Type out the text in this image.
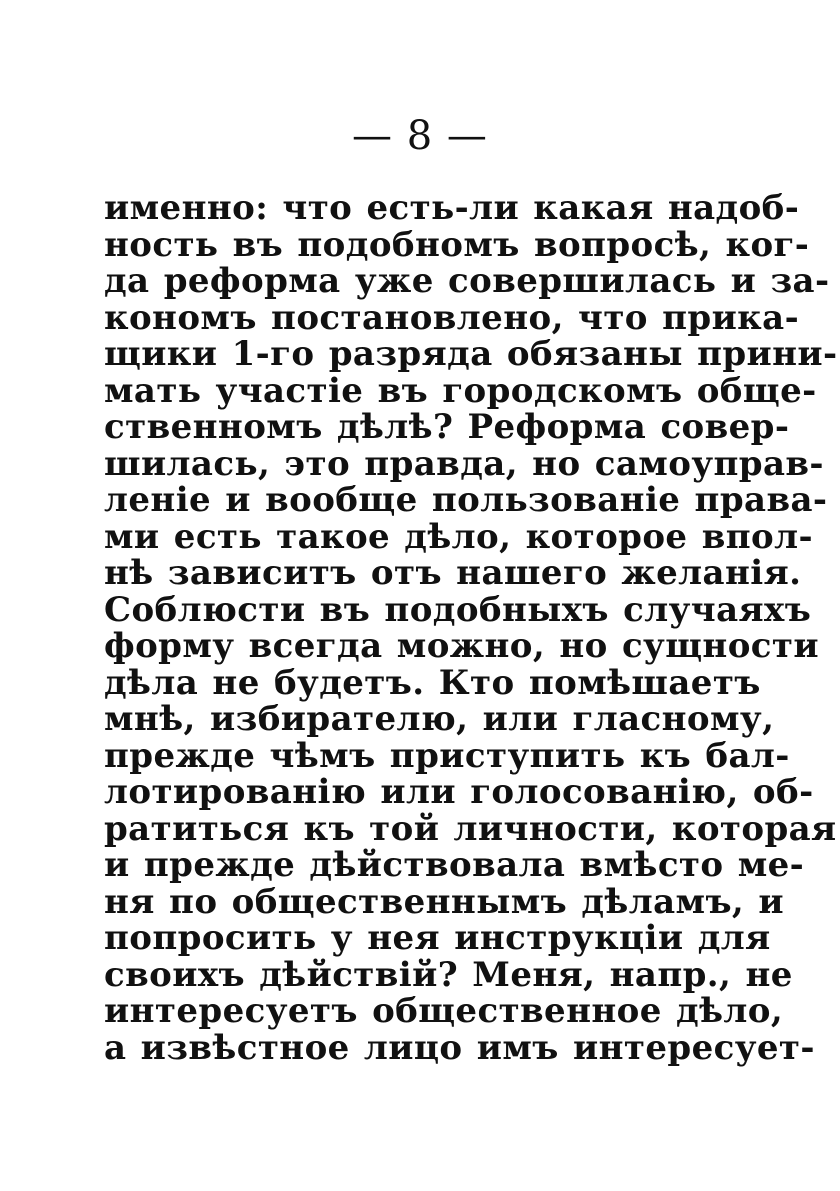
— 8 —
именно: что есть-ли какая надоб-
ность въ подобномъ вопросѣ, ког-
да реформа уже совершилась и за-
кономъ постановлено, что прика-
щики 1-го разряда обязаны прини-
мать участіе въ городскомъ обще-
ственномъ дѣлѣ? Реформа совер-
шилась, это правда, но самоуправ-
леніе и вообще пользованіе права-
ми есть такое дѣло, которое впол-
нѣ зависитъ отъ нашего желанія.
Соблюсти въ подобныхъ случаяхъ
форму всегда можно, но сущности
дѣла не будетъ. Кто помѣшаетъ
мнѣ, избирателю, или гласному,
прежде чѣмъ приступить къ бал-
лотированію или голосованію, об-
ратиться къ той личности, которая
и прежде дѣйствовала вмѣсто ме-
ня по общественнымъ дѣламъ, и
попросить у нея инструкціи для
своихъ дѣйствій? Меня, напр., не
интересуетъ общественное дѣло,
а извѣстное лицо имъ интересует-
